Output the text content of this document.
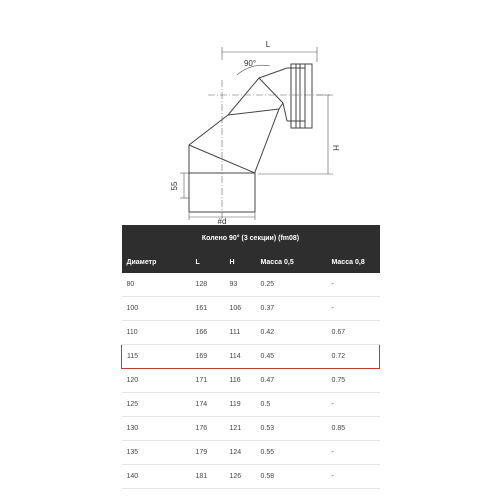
L
90°
H
55
#d
Колено 90° (3 секции) (fm08)				
Диаметр	L	H	Масса 0,5	Масса 0,8
80	128	93	0.25	-
100	161	106	0.37	-
110	166	111	0.42	0.67
115	169	114	0.45	0.72
120	171	116	0.47	0.75
125	174	119	0.5	-
130	176	121	0.53	0.85
135	179	124	0.55	-
140	181	126	0.58	-
